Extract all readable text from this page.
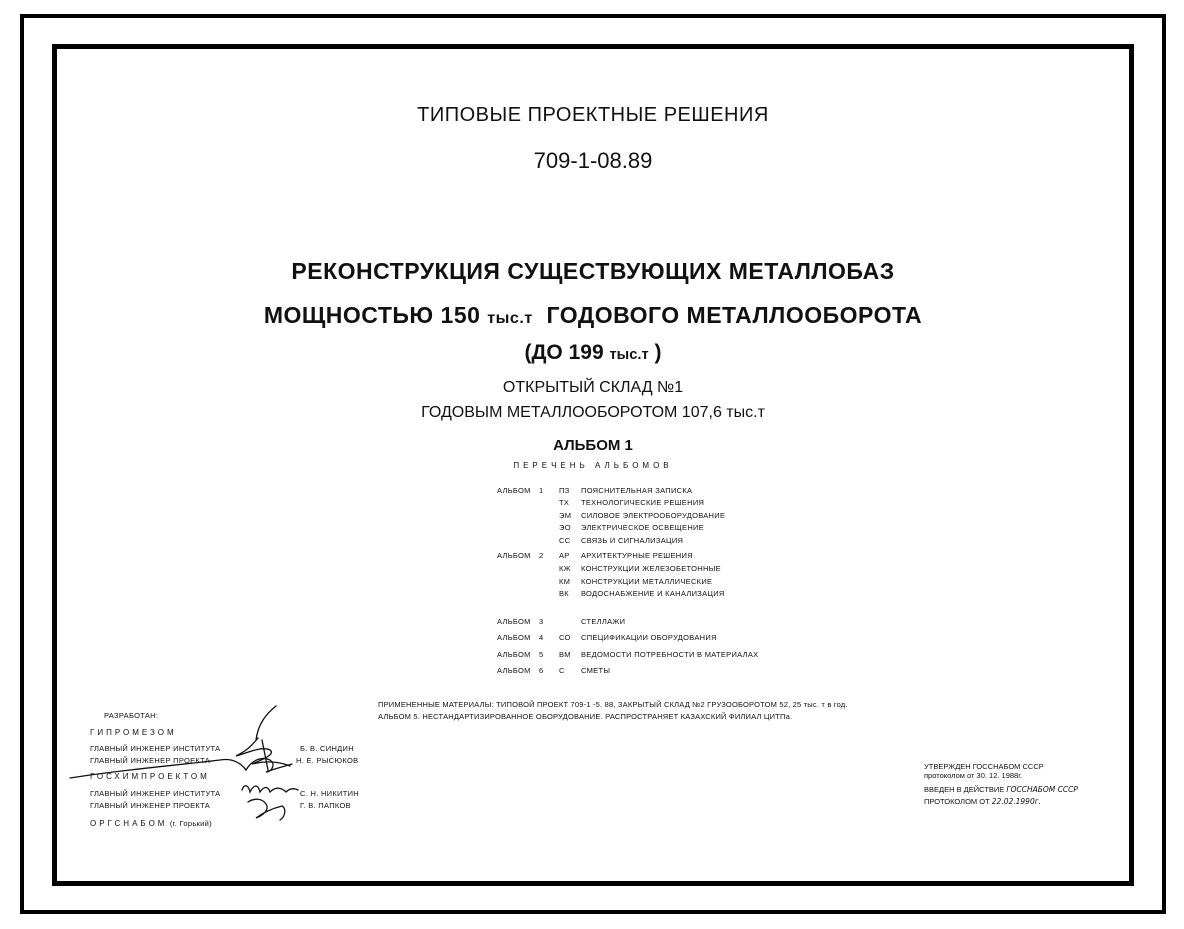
ТИПОВЫЕ ПРОЕКТНЫЕ РЕШЕНИЯ
709-1-08.89
РЕКОНСТРУКЦИЯ СУЩЕСТВУЮЩИХ МЕТАЛЛОБАЗ
МОЩНОСТЬЮ 150 тыс.т ГОДОВОГО МЕТАЛЛООБОРОТА
(ДО 199 тыс.т )
ОТКРЫТЫЙ СКЛАД №1
ГОДОВЫМ МЕТАЛЛООБОРОТОМ 107,6 тыс.т
АЛЬБОМ 1
ПЕРЕЧЕНЬ АЛЬБОМОВ
АЛЬБОМ 1 ПЗ ПОЯСНИТЕЛЬНАЯ ЗАПИСКА
ТХ ТЕХНОЛОГИЧЕСКИЕ РЕШЕНИЯ
ЭМ СИЛОВОЕ ЭЛЕКТРООБОРУДОВАНИЕ
ЭО ЭЛЕКТРИЧЕСКОЕ ОСВЕЩЕНИЕ
СС СВЯЗЬ И СИГНАЛИЗАЦИЯ
АЛЬБОМ 2 АР АРХИТЕКТУРНЫЕ РЕШЕНИЯ
КЖ КОНСТРУКЦИИ ЖЕЛЕЗОБЕТОННЫЕ
КМ КОНСТРУКЦИИ МЕТАЛЛИЧЕСКИЕ
ВК ВОДОСНАБЖЕНИЕ И КАНАЛИЗАЦИЯ
АЛЬБОМ 3	СТЕЛЛАЖИ
АЛЬБОМ 4 СО СПЕЦИФИКАЦИИ ОБОРУДОВАНИЯ
АЛЬБОМ 5 ВМ ВЕДОМОСТИ ПОТРЕБНОСТИ В МАТЕРИАЛАХ
АЛЬБОМ 6 С СМЕТЫ
ПРИМЕНЕННЫЕ МАТЕРИАЛЫ: ТИПОВОЙ ПРОЕКТ 709-1 -5. 88, ЗАКРЫТЫЙ СКЛАД №2 ГРУЗООБОРОТОМ 52, 25 тыс. т в год.
АЛЬБОМ 5. НЕСТАНДАРТИЗИРОВАННОЕ ОБОРУДОВАНИЕ. РАСПРОСТРАНЯЕТ КАЗАХСКИЙ ФИЛИАЛ ЦИТПа.
РАЗРАБОТАН:
ГИПРОМЕЗОМ
ГЛАВНЫЙ ИНЖЕНЕР ИНСТИТУТА	Б. В. СИНДИН
ГЛАВНЫЙ ИНЖЕНЕР ПРОЕКТА	Н. Е. РЫСЮКОВ
ГОСХИМПРОЕКТОМ
ГЛАВНЫЙ ИНЖЕНЕР ИНСТИТУТА	С. Н. НИКИТИН
ГЛАВНЫЙ ИНЖЕНЕР ПРОЕКТА	Г. В. ПАПКОВ
ОРГСНАБОМ (г. Горький)
УТВЕРЖДЕН ГОССНАБОМ СССР
протоколом от 30. 12. 1988г.
ВВЕДЕН В ДЕЙСТВИЕ ГОССНАБОМ СССР
ПРОТОКОЛОМ ОТ 22.02.1990г.
